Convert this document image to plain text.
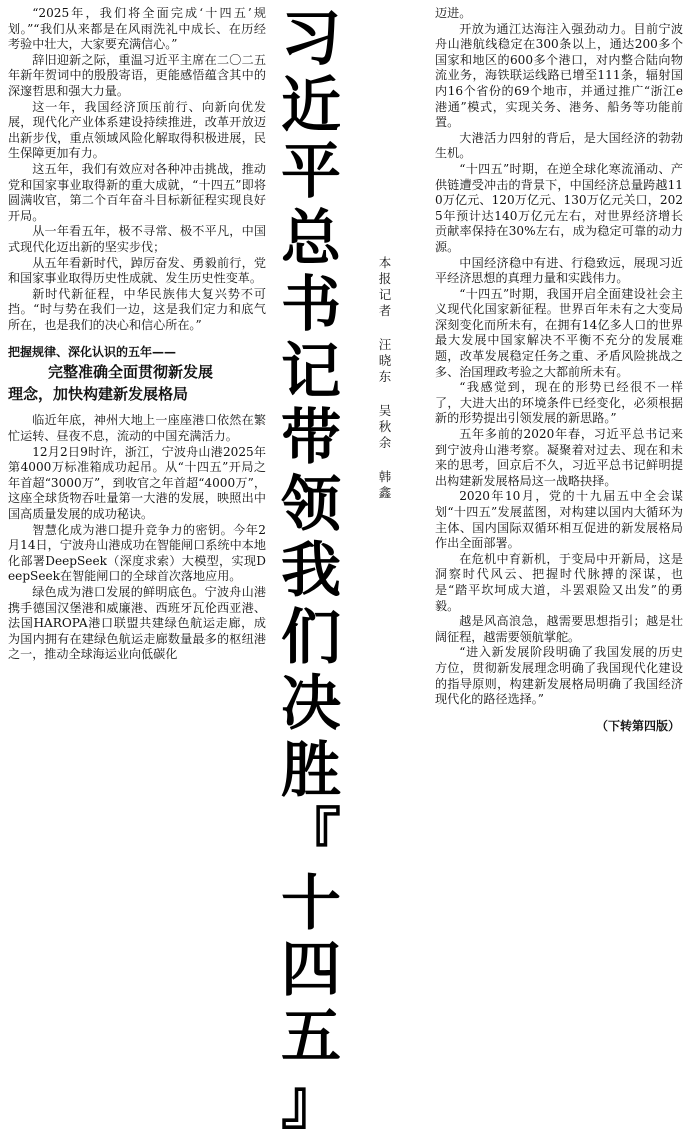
“2025年，我们将全面完成‘十四五’规划。”“我们从来都是在风雨洗礼中成长、在历经考验中壮大，大家要充满信心。”

辞旧迎新之际，重温习近平主席在二〇二五年新年贺词中的殷殷寄语，更能感悟蕴含其中的深邃哲思和强大力量。

这一年，我国经济顶压前行、向新向优发展，现代化产业体系建设持续推进，改革开放迈出新步伐，重点领域风险化解取得积极进展，民生保障更加有力。

这五年，我们有效应对各种冲击挑战，推动党和国家事业取得新的重大成就，“十四五”即将圆满收官，第二个百年奋斗目标新征程实现良好开局。

从一年看五年，极不寻常、极不平凡，中国式现代化迈出新的坚实步伐；

从五年看新时代，踔厉奋发、勇毅前行，党和国家事业取得历史性成就、发生历史性变革。

新时代新征程，中华民族伟大复兴势不可挡。“时与势在我们一边，这是我们定力和底气所在，也是我们的决心和信心所在。”

把握规律、深化认识的五年——

完整准确全面贯彻新发展

理念，加快构建新发展格局

临近年底，神州大地上一座座港口依然在繁忙运转、昼夜不息，流动的中国充满活力。

12月2日9时许，浙江，宁波舟山港2025年第4000万标准箱成功起吊。从“十四五”开局之年首超“3000万”，到收官之年首超“4000万”，这座全球货物吞吐量第一大港的发展，映照出中国高质量发展的成功秘诀。

智慧化成为港口提升竞争力的密钥。今年2月14日，宁波舟山港成功在智能闸口系统中本地化部署DeepSeek（深度求索）大模型，实现DeepSeek在智能闸口的全球首次落地应用。

绿色成为港口发展的鲜明底色。宁波舟山港携手德国汉堡港和威廉港、西班牙瓦伦西亚港、法国HAROPA港口联盟共建绿色航运走廊，成为国内拥有在建绿色航运走廊数量最多的枢纽港之一，推动全球海运业向低碳化

习
近
平
总
书
记
带
领
我
们
决
胜
『
十
四
五
』
本
报
记
者
汪
晓
东
吴
秋
余
韩
鑫

迈进。

开放为通江达海注入强劲动力。目前宁波舟山港航线稳定在300条以上，通达200多个国家和地区的600多个港口，对内整合陆向物流业务，海铁联运线路已增至111条，辐射国内16个省份的69个地市，并通过推广“浙江e港通”模式，实现关务、港务、船务等功能前置。

大港活力四射的背后，是大国经济的勃勃生机。

“十四五”时期，在逆全球化寒流涌动、产供链遭受冲击的背景下，中国经济总量跨越110万亿元、120万亿元、130万亿元关口，2025年预计达140万亿元左右，对世界经济增长贡献率保持在30%左右，成为稳定可靠的动力源。

中国经济稳中有进、行稳致远，展现习近平经济思想的真理力量和实践伟力。

“十四五”时期，我国开启全面建设社会主义现代化国家新征程。世界百年未有之大变局深刻变化而所未有，在拥有14亿多人口的世界最大发展中国家解决不平衡不充分的发展难题，改革发展稳定任务之重、矛盾风险挑战之多、治国理政考验之大都前所未有。

“我感觉到，现在的形势已经很不一样了，大进大出的环境条件已经变化，必须根据新的形势提出引领发展的新思路。”

五年多前的2020年春，习近平总书记来到宁波舟山港考察。凝聚着对过去、现在和未来的思考，回京后不久，习近平总书记鲜明提出构建新发展格局这一战略抉择。

2020年10月，党的十九届五中全会谋划“十四五”发展蓝图，对构建以国内大循环为主体、国内国际双循环相互促进的新发展格局作出全面部署。

在危机中育新机，于变局中开新局，这是洞察时代风云、把握时代脉搏的深谋，也是“踏平坎坷成大道，斗罢艰险又出发”的勇毅。

越是风高浪急，越需要思想指引；越是壮阔征程，越需要领航掌舵。

“进入新发展阶段明确了我国发展的历史方位，贯彻新发展理念明确了我国现代化建设的指导原则，构建新发展格局明确了我国经济现代化的路径选择。”

（下转第四版）
